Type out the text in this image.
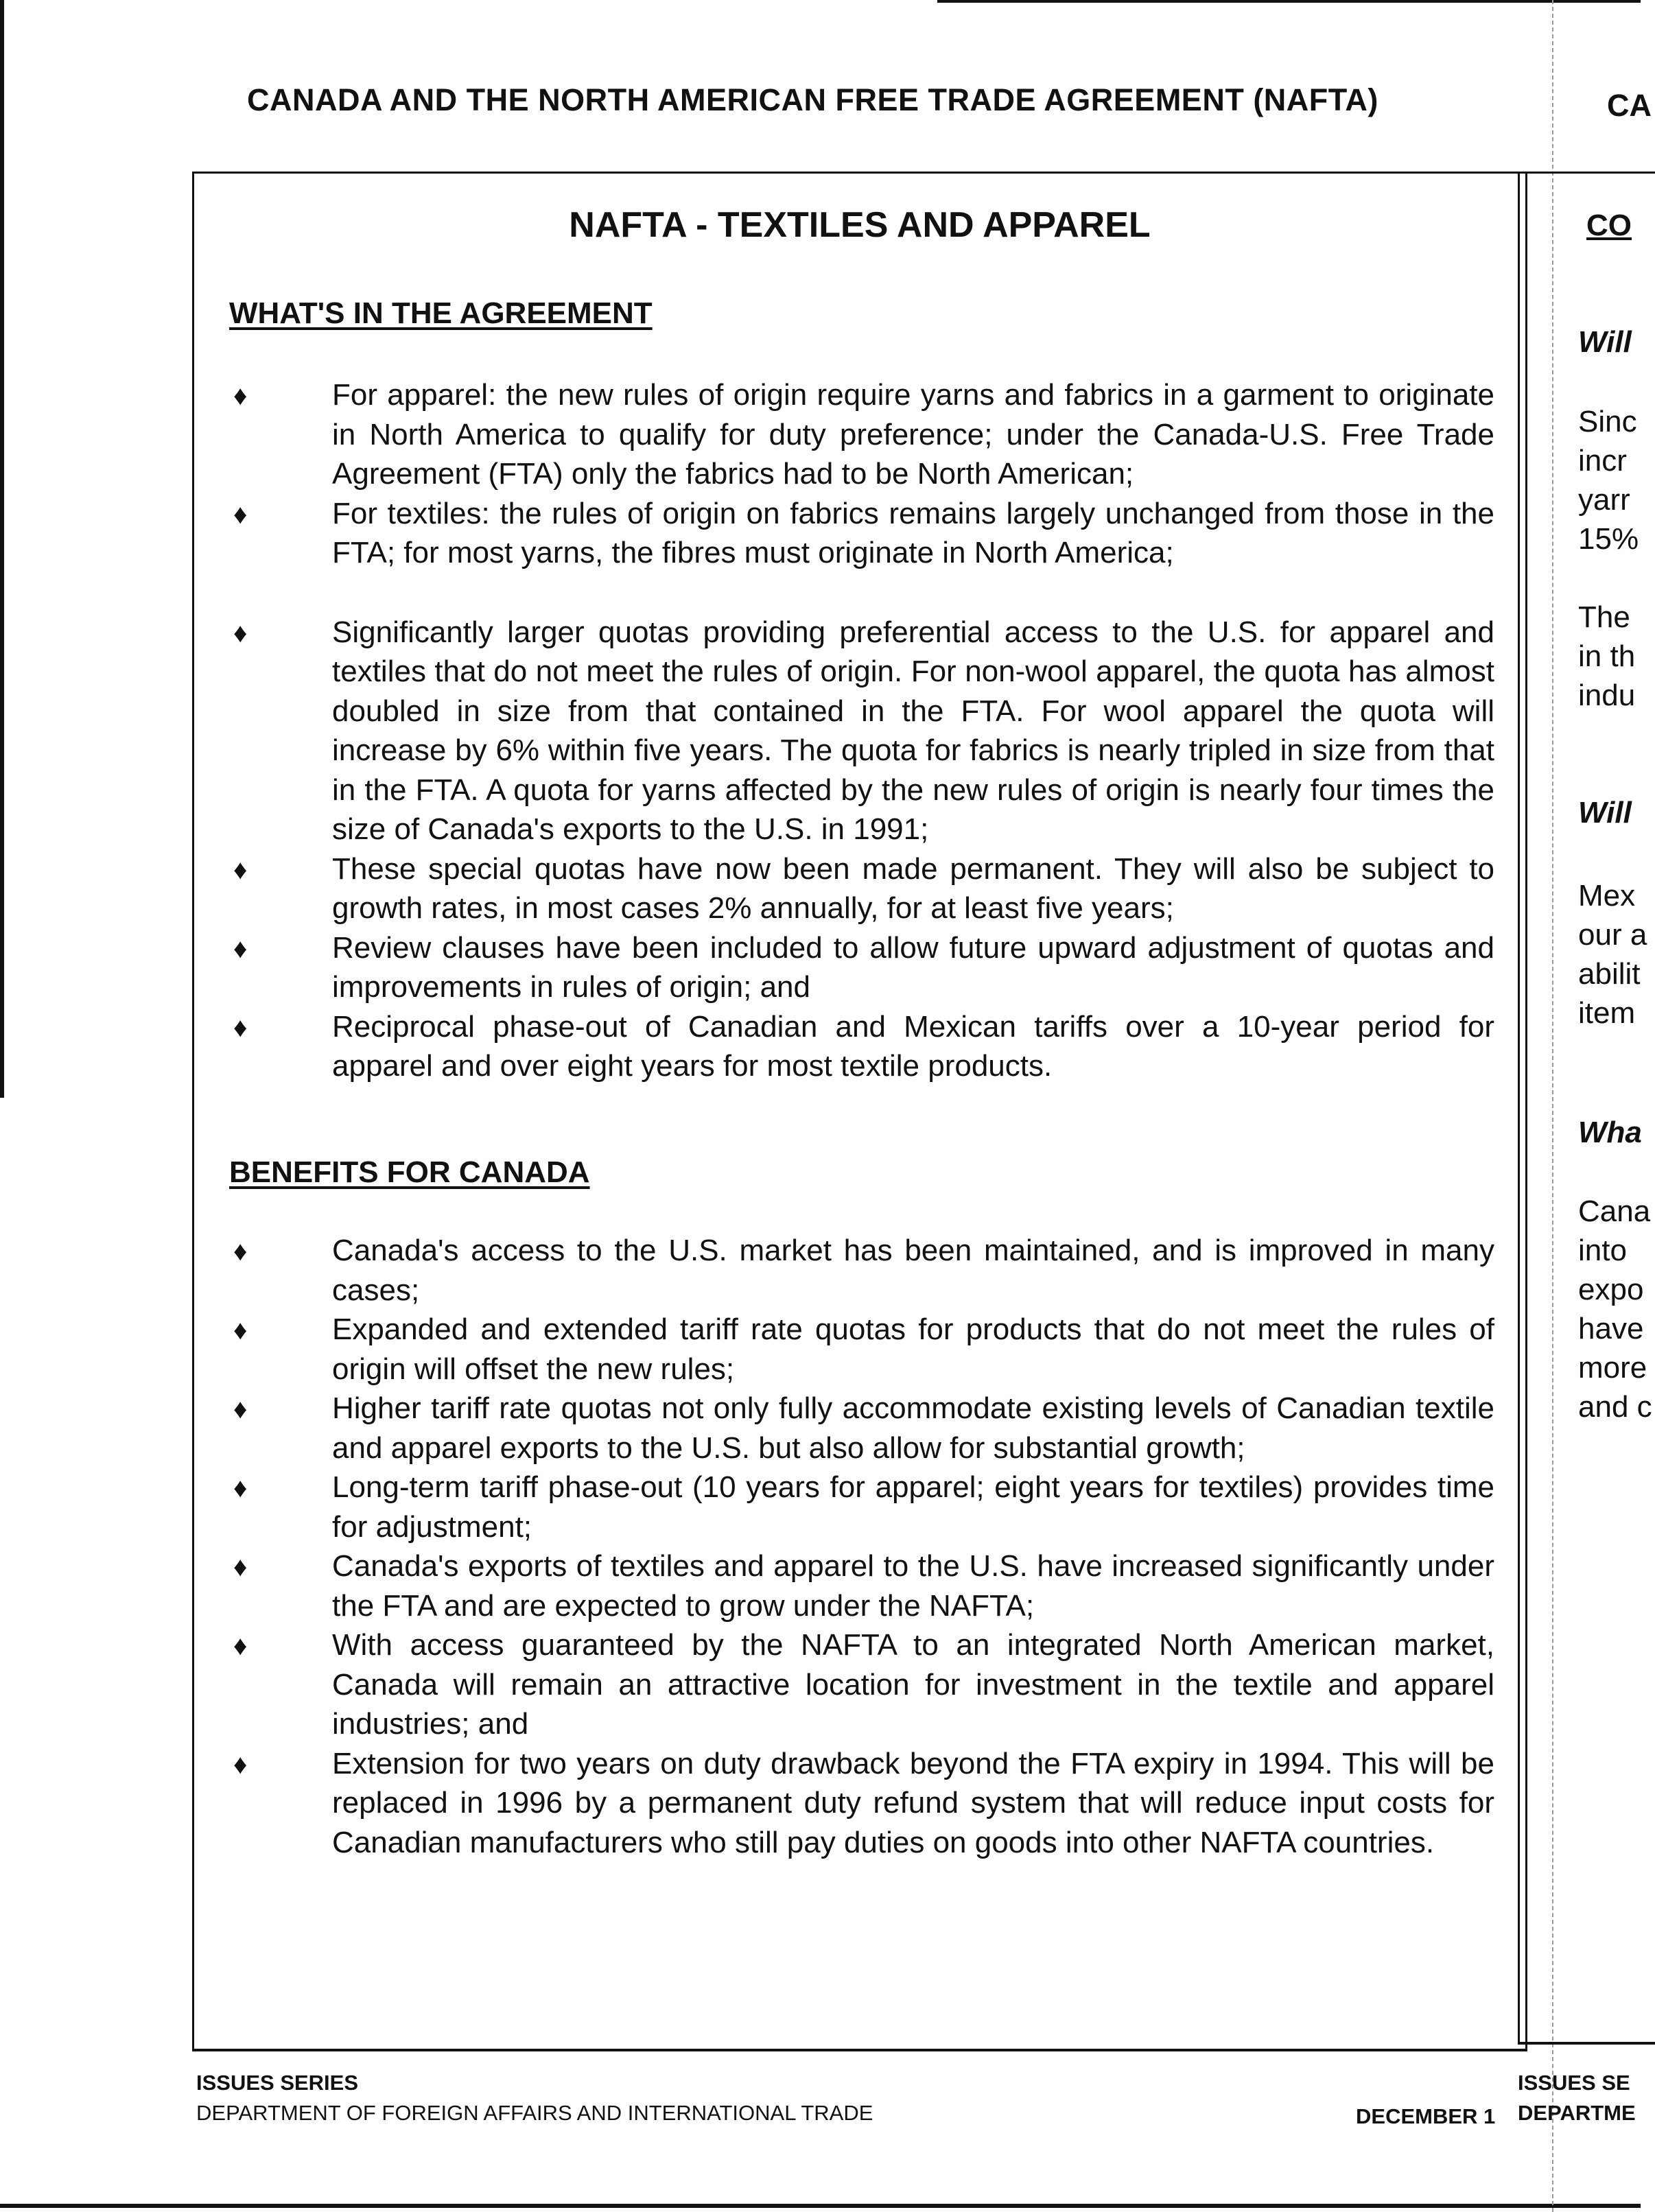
CANADA AND THE NORTH AMERICAN FREE TRADE AGREEMENT (NAFTA)	CA
NAFTA - TEXTILES AND APPAREL
WHAT'S IN THE AGREEMENT
♦	For apparel: the new rules of origin require yarns and fabrics in a garment to originate in North America to qualify for duty preference; under the Canada-U.S. Free Trade Agreement (FTA) only the fabrics had to be North American;
♦	For textiles: the rules of origin on fabrics remains largely unchanged from those in the FTA; for most yarns, the fibres must originate in North America;
♦	Significantly larger quotas providing preferential access to the U.S. for apparel and textiles that do not meet the rules of origin. For non-wool apparel, the quota has almost doubled in size from that contained in the FTA. For wool apparel the quota will increase by 6% within five years. The quota for fabrics is nearly tripled in size from that in the FTA. A quota for yarns affected by the new rules of origin is nearly four times the size of Canada's exports to the U.S. in 1991;
♦	These special quotas have now been made permanent. They will also be subject to growth rates, in most cases 2% annually, for at least five years;
♦	Review clauses have been included to allow future upward adjustment of quotas and improvements in rules of origin; and
♦	Reciprocal phase-out of Canadian and Mexican tariffs over a 10-year period for apparel and over eight years for most textile products.
BENEFITS FOR CANADA
♦	Canada's access to the U.S. market has been maintained, and is improved in many cases;
♦	Expanded and extended tariff rate quotas for products that do not meet the rules of origin will offset the new rules;
♦	Higher tariff rate quotas not only fully accommodate existing levels of Canadian textile and apparel exports to the U.S. but also allow for substantial growth;
♦	Long-term tariff phase-out (10 years for apparel; eight years for textiles) provides time for adjustment;
♦	Canada's exports of textiles and apparel to the U.S. have increased significantly under the FTA and are expected to grow under the NAFTA;
♦	With access guaranteed by the NAFTA to an integrated North American market, Canada will remain an attractive location for investment in the textile and apparel industries; and
♦	Extension for two years on duty drawback beyond the FTA expiry in 1994. This will be replaced in 1996 by a permanent duty refund system that will reduce input costs for Canadian manufacturers who still pay duties on goods into other NAFTA countries.
CO
Will
Sinc
incr
yarr
15%
The
in th
indu
Will
Mex
our a
abilit
item
Wha
Cana
into
expo
have
more
and c
ISSUES SERIES
DEPARTMENT OF FOREIGN AFFAIRS AND INTERNATIONAL TRADE	DECEMBER 1
ISSUES SE
DEPARTME
